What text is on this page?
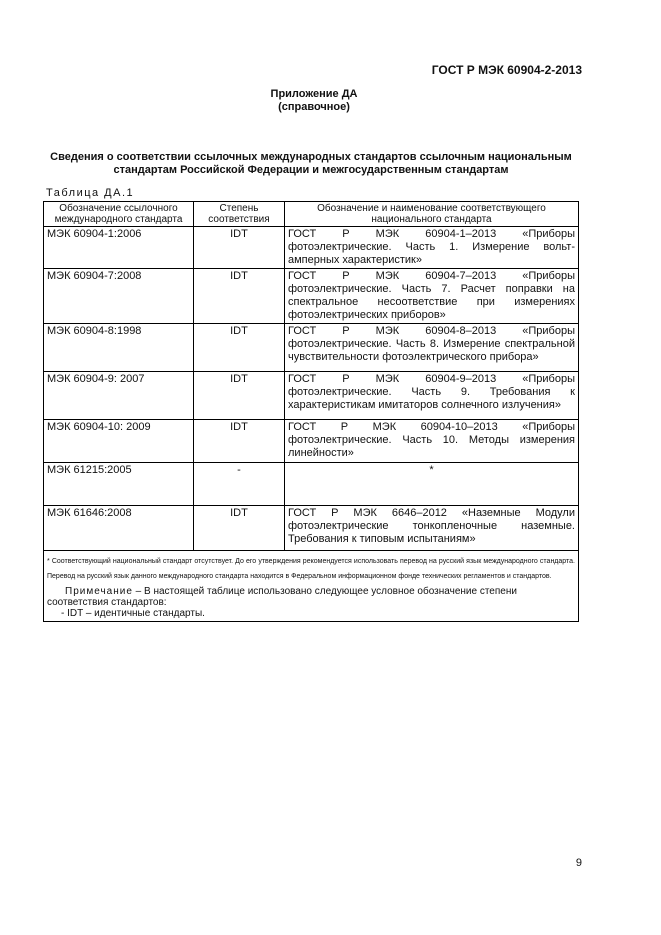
ГОСТ Р МЭК 60904-2-2013
Приложение ДА
(справочное)
Сведения о соответствии ссылочных международных стандартов ссылочным национальным стандартам Российской Федерации и межгосударственным стандартам
Таблица ДА.1
Обозначение ссылочного международного стандарта	Степень соответствия	Обозначение и наименование соответствующего национального стандарта
МЭК 60904-1:2006	IDT	ГОСТ Р МЭК 60904-1–2013 «Приборы фотоэлектрические. Часть 1. Измерение вольт-амперных характеристик»
МЭК 60904-7:2008	IDT	ГОСТ Р МЭК 60904-7–2013 «Приборы фотоэлектрические. Часть 7. Расчет поправки на спектральное несоответствие при измерениях фотоэлектрических приборов»
МЭК 60904-8:1998	IDT	ГОСТ Р МЭК 60904-8–2013 «Приборы фотоэлектрические. Часть 8. Измерение спектральной чувствительности фотоэлектрического прибора»
МЭК 60904-9: 2007	IDT	ГОСТ Р МЭК 60904-9–2013 «Приборы фотоэлектрические. Часть 9. Требования к характеристикам имитаторов солнечного излучения»
МЭК 60904-10: 2009	IDT	ГОСТ Р МЭК 60904-10–2013 «Приборы фотоэлектрические. Часть 10. Методы измерения линейности»
МЭК 61215:2005	-	*
МЭК 61646:2008	IDT	ГОСТ Р МЭК 6646–2012 «Наземные Модули фотоэлектрические тонкопленочные наземные. Требования к типовым испытаниям»

* Соответствующий национальный стандарт отсутствует. До его утверждения рекомендуется использовать перевод на русский язык международного стандарта. Перевод на русский язык данного международного стандарта находится в Федеральном информационном фонде технических регламентов и стандартов.
Примечание – В настоящей таблице использовано следующее условное обозначение степени соответствия стандартов:
- IDT – идентичные стандарты.		
9
